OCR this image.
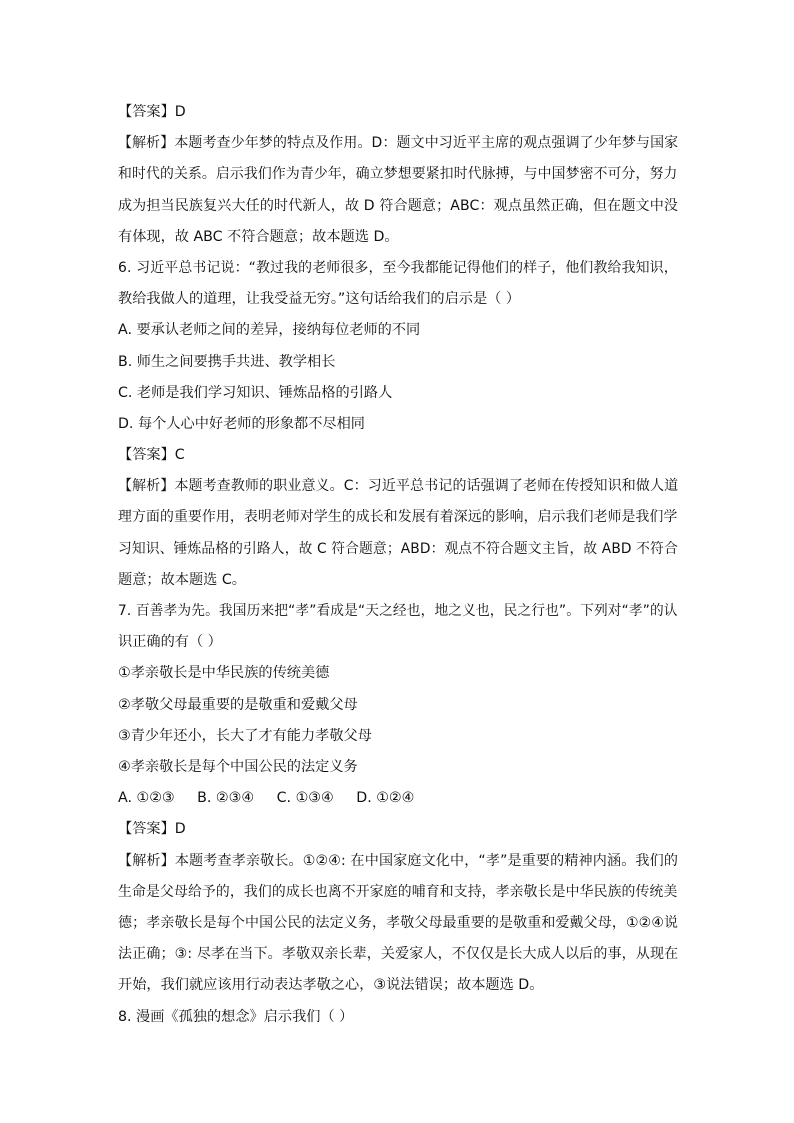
【答案】D
【解析】本题考查少年梦的特点及作用。D：题文中习近平主席的观点强调了少年梦与国家
和时代的关系。启示我们作为青少年，确立梦想要紧扣时代脉搏，与中国梦密不可分，努力
成为担当民族复兴大任的时代新人，故 D 符合题意；ABC：观点虽然正确，但在题文中没
有体现，故 ABC 不符合题意；故本题选 D。
6. 习近平总书记说：“教过我的老师很多，至今我都能记得他们的样子，他们教给我知识，
教给我做人的道理，让我受益无穷。”这句话给我们的启示是（ ）
A. 要承认老师之间的差异，接纳每位老师的不同
B. 师生之间要携手共进、教学相长
C. 老师是我们学习知识、锤炼品格的引路人
D. 每个人心中好老师的形象都不尽相同
【答案】C
【解析】本题考查教师的职业意义。C：习近平总书记的话强调了老师在传授知识和做人道
理方面的重要作用，表明老师对学生的成长和发展有着深远的影响，启示我们老师是我们学
习知识、锤炼品格的引路人，故 C 符合题意；ABD：观点不符合题文主旨，故 ABD 不符合
题意；故本题选 C。
7. 百善孝为先。我国历来把“孝”看成是“天之经也，地之义也，民之行也”。下列对“孝”的认
识正确的有（ ）
①孝亲敬长是中华民族的传统美德
②孝敬父母最重要的是敬重和爱戴父母
③青少年还小，长大了才有能力孝敬父母
④孝亲敬长是每个中国公民的法定义务
A. ①②③     B. ②③④     C. ①③④     D. ①②④
【答案】D
【解析】本题考查孝亲敬长。①②④: 在中国家庭文化中，“孝”是重要的精神内涵。我们的
生命是父母给予的，我们的成长也离不开家庭的哺育和支持，孝亲敬长是中华民族的传统美
德；孝亲敬长是每个中国公民的法定义务，孝敬父母最重要的是敬重和爱戴父母，①②④说
法正确；③: 尽孝在当下。孝敬双亲长辈，关爱家人，不仅仅是长大成人以后的事，从现在
开始，我们就应该用行动表达孝敬之心，③说法错误；故本题选 D。
8. 漫画《孤独的想念》启示我们（ ）
